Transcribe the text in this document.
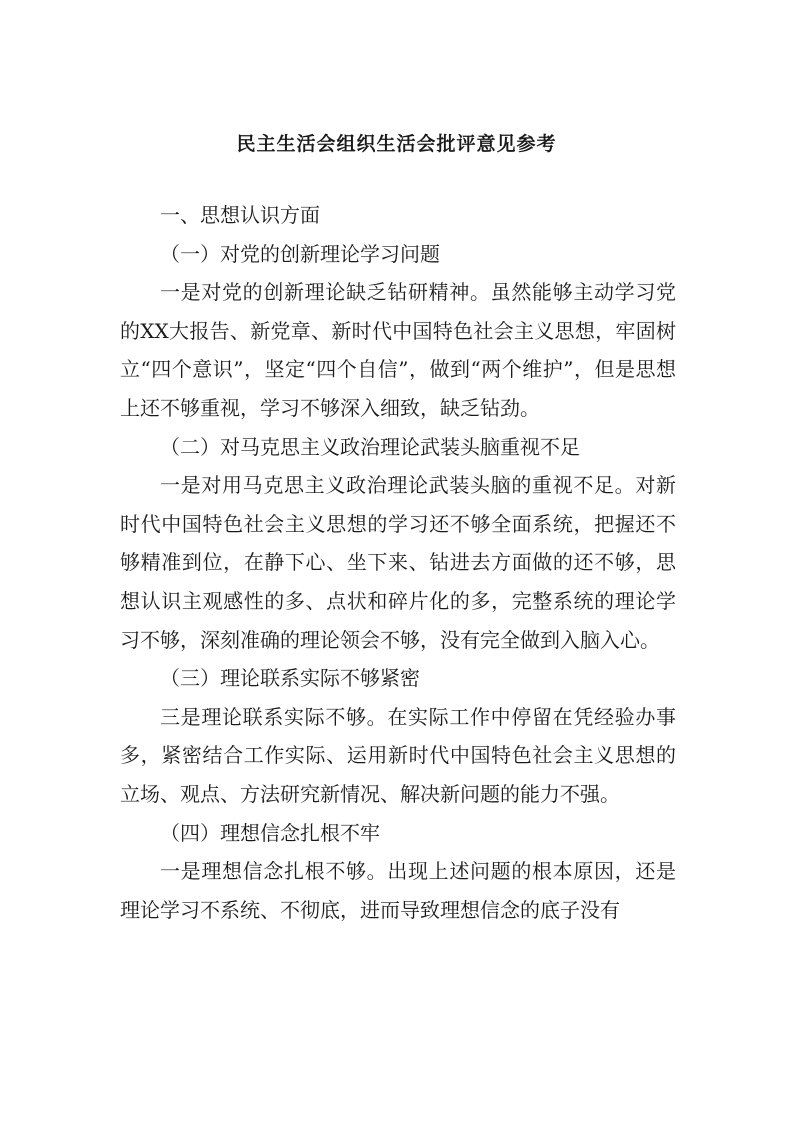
民主生活会组织生活会批评意见参考

一、思想认识方面

（一）对党的创新理论学习问题

一是对党的创新理论缺乏钻研精神。虽然能够主动学习党的XX大报告、新党章、新时代中国特色社会主义思想，牢固树立“四个意识”，坚定“四个自信”，做到“两个维护”，但是思想上还不够重视，学习不够深入细致，缺乏钻劲。

（二）对马克思主义政治理论武装头脑重视不足

一是对用马克思主义政治理论武装头脑的重视不足。对新时代中国特色社会主义思想的学习还不够全面系统，把握还不够精准到位，在静下心、坐下来、钻进去方面做的还不够，思想认识主观感性的多、点状和碎片化的多，完整系统的理论学习不够，深刻准确的理论领会不够，没有完全做到入脑入心。

（三）理论联系实际不够紧密

三是理论联系实际不够。在实际工作中停留在凭经验办事多，紧密结合工作实际、运用新时代中国特色社会主义思想的立场、观点、方法研究新情况、解决新问题的能力不强。

（四）理想信念扎根不牢

一是理想信念扎根不够。出现上述问题的根本原因，还是理论学习不系统、不彻底，进而导致理想信念的底子没有
